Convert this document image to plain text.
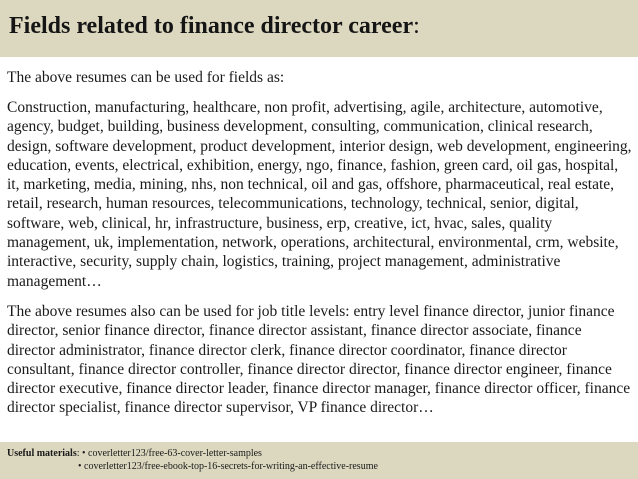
Fields related to finance director career:

The above resumes can be used for fields as:

Construction, manufacturing, healthcare, non profit, advertising, agile, architecture, automotive, agency, budget, building, business development, consulting, communication, clinical research, design, software development, product development, interior design, web development, engineering, education, events, electrical, exhibition, energy, ngo, finance, fashion, green card, oil gas, hospital, it, marketing, media, mining, nhs, non technical, oil and gas, offshore, pharmaceutical, real estate, retail, research, human resources, telecommunications, technology, technical, senior, digital, software, web, clinical, hr, infrastructure, business, erp, creative, ict, hvac, sales, quality management, uk, implementation, network, operations, architectural, environmental, crm, website, interactive, security, supply chain, logistics, training, project management, administrative management…

The above resumes also can be used for job title levels: entry level finance director, junior finance director, senior finance director, finance director assistant, finance director associate, finance director administrator, finance director clerk, finance director coordinator, finance director consultant, finance director controller, finance director director, finance director engineer, finance director executive, finance director leader, finance director manager, finance director officer, finance director specialist, finance director supervisor, VP finance director…

Useful materials: • coverletter123/free-63-cover-letter-samples
• coverletter123/free-ebook-top-16-secrets-for-writing-an-effective-resume
